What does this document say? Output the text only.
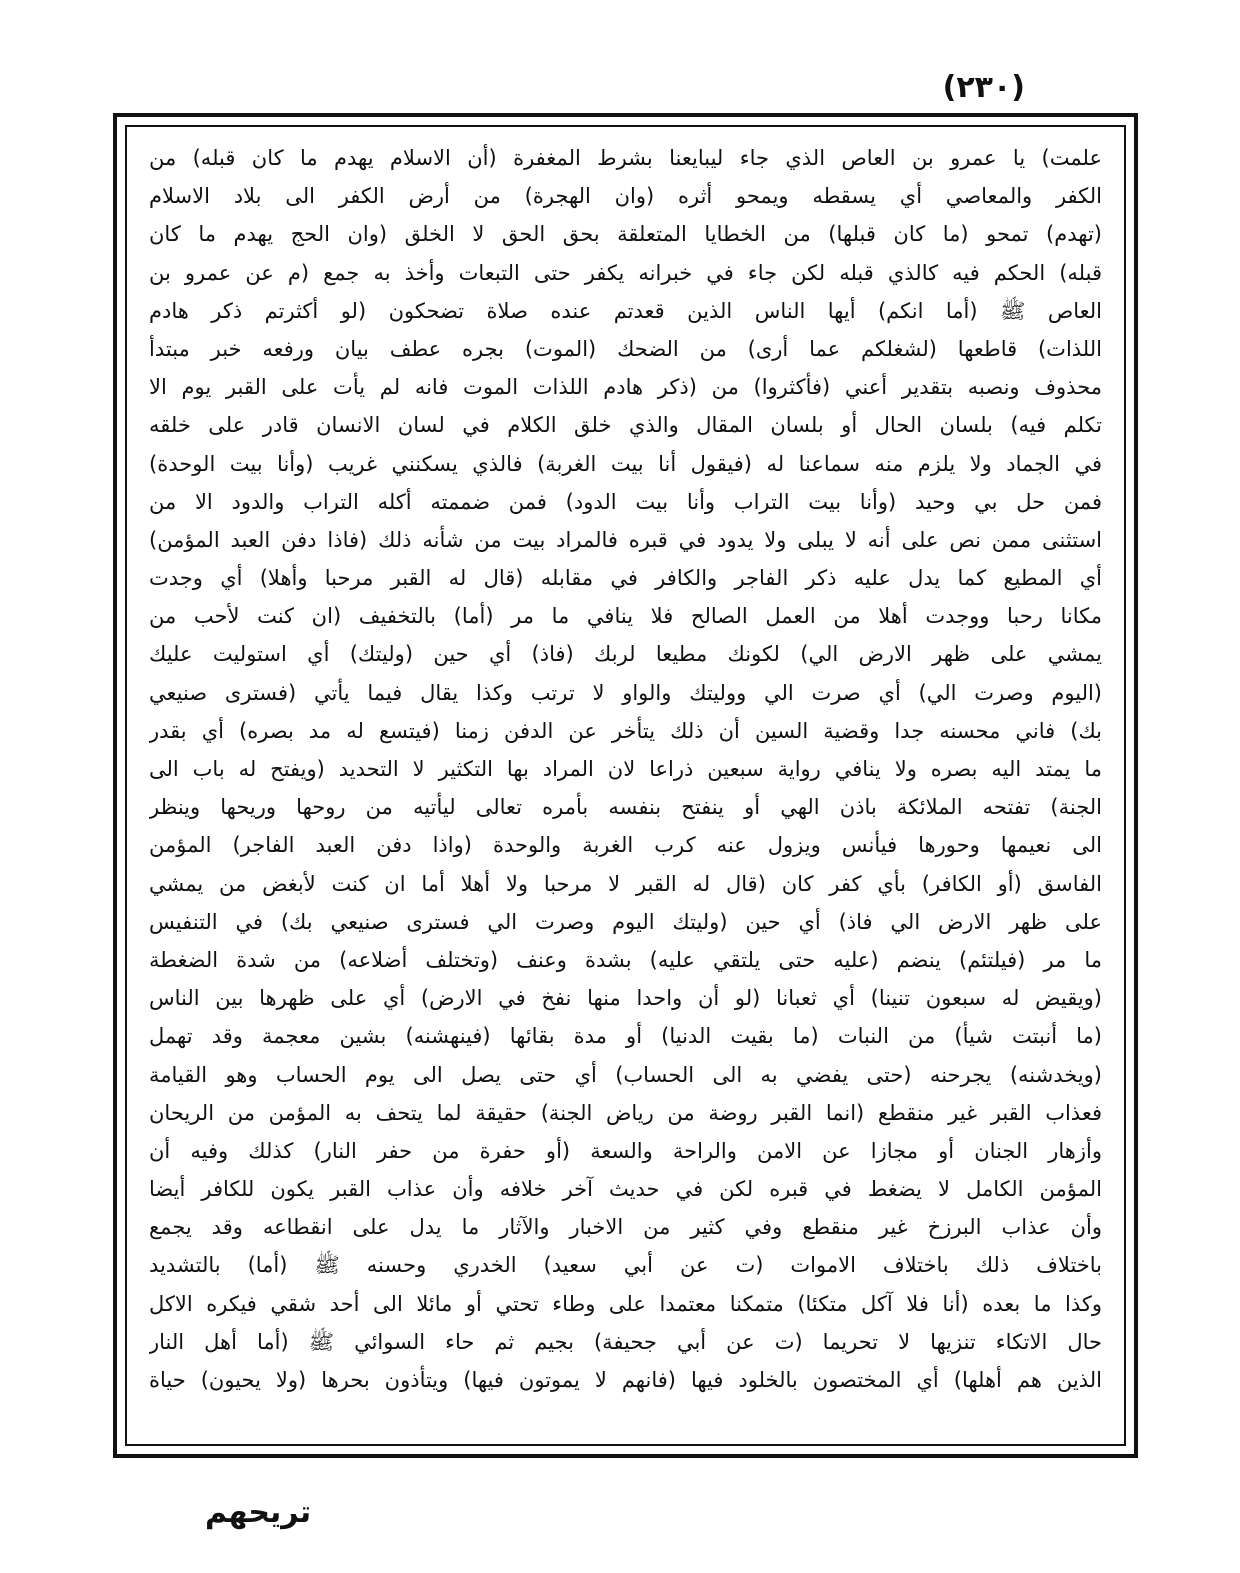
(٢٣٠)
علمت) يا عمرو بن العاص الذي جاء ليبايعنا بشرط المغفرة (أن الاسلام يهدم ما كان قبله) من
الكفر والمعاصي أي يسقطه ويمحو أثره (وان الهجرة) من أرض الكفر الى بلاد الاسلام
(تهدم) تمحو (ما كان قبلها) من الخطايا المتعلقة بحق الحق لا الخلق (وان الحج يهدم ما كان
قبله) الحكم فيه كالذي قبله لكن جاء في خبرانه يكفر حتى التبعات وأخذ به جمع (م عن عمرو بن
العاص ﷺ (أما انكم) أيها الناس الذين قعدتم عنده صلاة تضحكون (لو أكثرتم ذكر هادم
اللذات) قاطعها (لشغلكم عما أرى) من الضحك (الموت) بجره عطف بيان ورفعه خبر مبتدأ
محذوف ونصبه بتقدير أعني (فأكثروا) من (ذكر هادم اللذات الموت فانه لم يأت على القبر يوم الا
تكلم فيه) بلسان الحال أو بلسان المقال والذي خلق الكلام في لسان الانسان قادر على خلقه
في الجماد ولا يلزم منه سماعنا له (فيقول أنا بيت الغربة) فالذي يسكنني غريب (وأنا بيت الوحدة)
فمن حل بي وحيد (وأنا بيت التراب وأنا بيت الدود) فمن ضممته أكله التراب والدود الا من
استثنى ممن نص على أنه لا يبلى ولا يدود في قبره فالمراد بيت من شأنه ذلك (فاذا دفن العبد المؤمن)
أي المطيع كما يدل عليه ذكر الفاجر والكافر في مقابله (قال له القبر مرحبا وأهلا) أي وجدت
مكانا رحبا ووجدت أهلا من العمل الصالح فلا ينافي ما مر (أما) بالتخفيف (ان كنت لأحب من
يمشي على ظهر الارض الي) لكونك مطيعا لربك (فاذ) أي حين (وليتك) أي استوليت عليك
(اليوم وصرت الي) أي صرت الي ووليتك والواو لا ترتب وكذا يقال فيما يأتي (فسترى صنيعي
بك) فاني محسنه جدا وقضية السين أن ذلك يتأخر عن الدفن زمنا (فيتسع له مد بصره) أي بقدر
ما يمتد اليه بصره ولا ينافي رواية سبعين ذراعا لان المراد بها التكثير لا التحديد (ويفتح له باب الى
الجنة) تفتحه الملائكة باذن الهي أو ينفتح بنفسه بأمره تعالى ليأتيه من روحها وريحها وينظر
الى نعيمها وحورها فيأنس ويزول عنه كرب الغربة والوحدة (واذا دفن العبد الفاجر) المؤمن
الفاسق (أو الكافر) بأي كفر كان (قال له القبر لا مرحبا ولا أهلا أما ان كنت لأبغض من يمشي
على ظهر الارض الي فاذ) أي حين (وليتك اليوم وصرت الي فسترى صنيعي بك) في التنفيس
ما مر (فيلتئم) ينضم (عليه حتى يلتقي عليه) بشدة وعنف (وتختلف أضلاعه) من شدة الضغطة
(ويقيض له سبعون تنينا) أي ثعبانا (لو أن واحدا منها نفخ في الارض) أي على ظهرها بين الناس
(ما أنبتت شيأ) من النبات (ما بقيت الدنيا) أو مدة بقائها (فينهشنه) بشين معجمة وقد تهمل
(ويخدشنه) يجرحنه (حتى يفضي به الى الحساب) أي حتى يصل الى يوم الحساب وهو القيامة
فعذاب القبر غير منقطع (انما القبر روضة من رياض الجنة) حقيقة لما يتحف به المؤمن من الريحان
وأزهار الجنان أو مجازا عن الامن والراحة والسعة (أو حفرة من حفر النار) كذلك وفيه أن
المؤمن الكامل لا يضغط في قبره لكن في حديث آخر خلافه وأن عذاب القبر يكون للكافر أيضا
وأن عذاب البرزخ غير منقطع وفي كثير من الاخبار والآثار ما يدل على انقطاعه وقد يجمع
باختلاف ذلك باختلاف الاموات (ت عن أبي سعيد) الخدري وحسنه ﷺ (أما) بالتشديد
وكذا ما بعده (أنا فلا آكل متكئا) متمكنا معتمدا على وطاء تحتي أو مائلا الى أحد شقي فيكره الاكل
حال الاتكاء تنزيها لا تحريما (ت عن أبي جحيفة) بجيم ثم حاء السوائي ﷺ (أما أهل النار
الذين هم أهلها) أي المختصون بالخلود فيها (فانهم لا يموتون فيها) ويتأذون بحرها (ولا يحيون) حياة
تريحهم
